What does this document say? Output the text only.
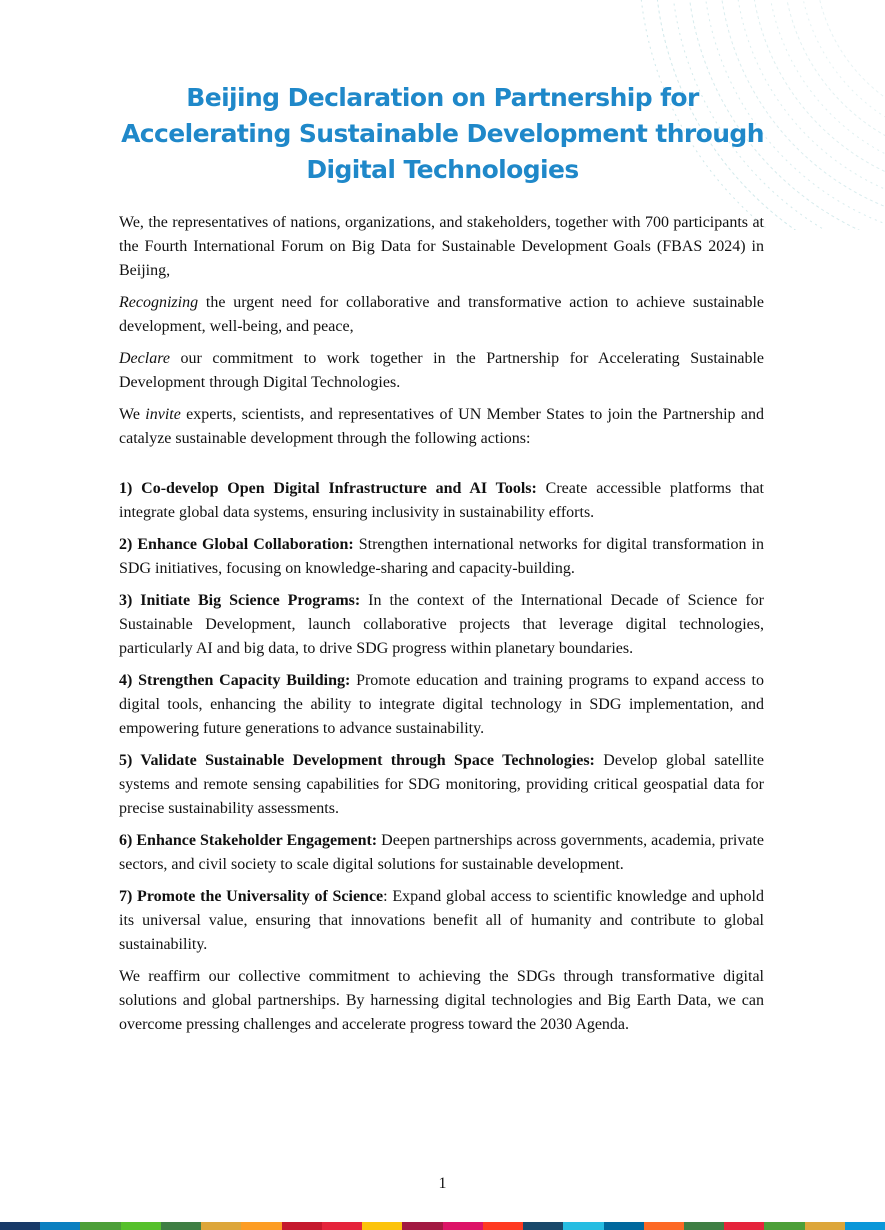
Beijing Declaration on Partnership for
Accelerating Sustainable Development through
Digital Technologies

We, the representatives of nations, organizations, and stakeholders, together with 700 participants at the Fourth International Forum on Big Data for Sustainable Development Goals (FBAS 2024) in Beijing,

Recognizing the urgent need for collaborative and transformative action to achieve sustainable development, well-being, and peace,

Declare our commitment to work together in the Partnership for Accelerating Sustainable Development through Digital Technologies.

We invite experts, scientists, and representatives of UN Member States to join the Partnership and catalyze sustainable development through the following actions:

1) Co-develop Open Digital Infrastructure and AI Tools: Create accessible platforms that integrate global data systems, ensuring inclusivity in sustainability efforts.

2) Enhance Global Collaboration: Strengthen international networks for digital transformation in SDG initiatives, focusing on knowledge-sharing and capacity-building.

3) Initiate Big Science Programs: In the context of the International Decade of Science for Sustainable Development, launch collaborative projects that leverage digital technologies, particularly AI and big data, to drive SDG progress within planetary boundaries.

4) Strengthen Capacity Building: Promote education and training programs to expand access to digital tools, enhancing the ability to integrate digital technology in SDG implementation, and empowering future generations to advance sustainability.

5) Validate Sustainable Development through Space Technologies: Develop global satellite systems and remote sensing capabilities for SDG monitoring, providing critical geospatial data for precise sustainability assessments.

6) Enhance Stakeholder Engagement: Deepen partnerships across governments, academia, private sectors, and civil society to scale digital solutions for sustainable development.

7) Promote the Universality of Science: Expand global access to scientific knowledge and uphold its universal value, ensuring that innovations benefit all of humanity and contribute to global sustainability.

We reaffirm our collective commitment to achieving the SDGs through transformative digital solutions and global partnerships. By harnessing digital technologies and Big Earth Data, we can overcome pressing challenges and accelerate progress toward the 2030 Agenda.

1
